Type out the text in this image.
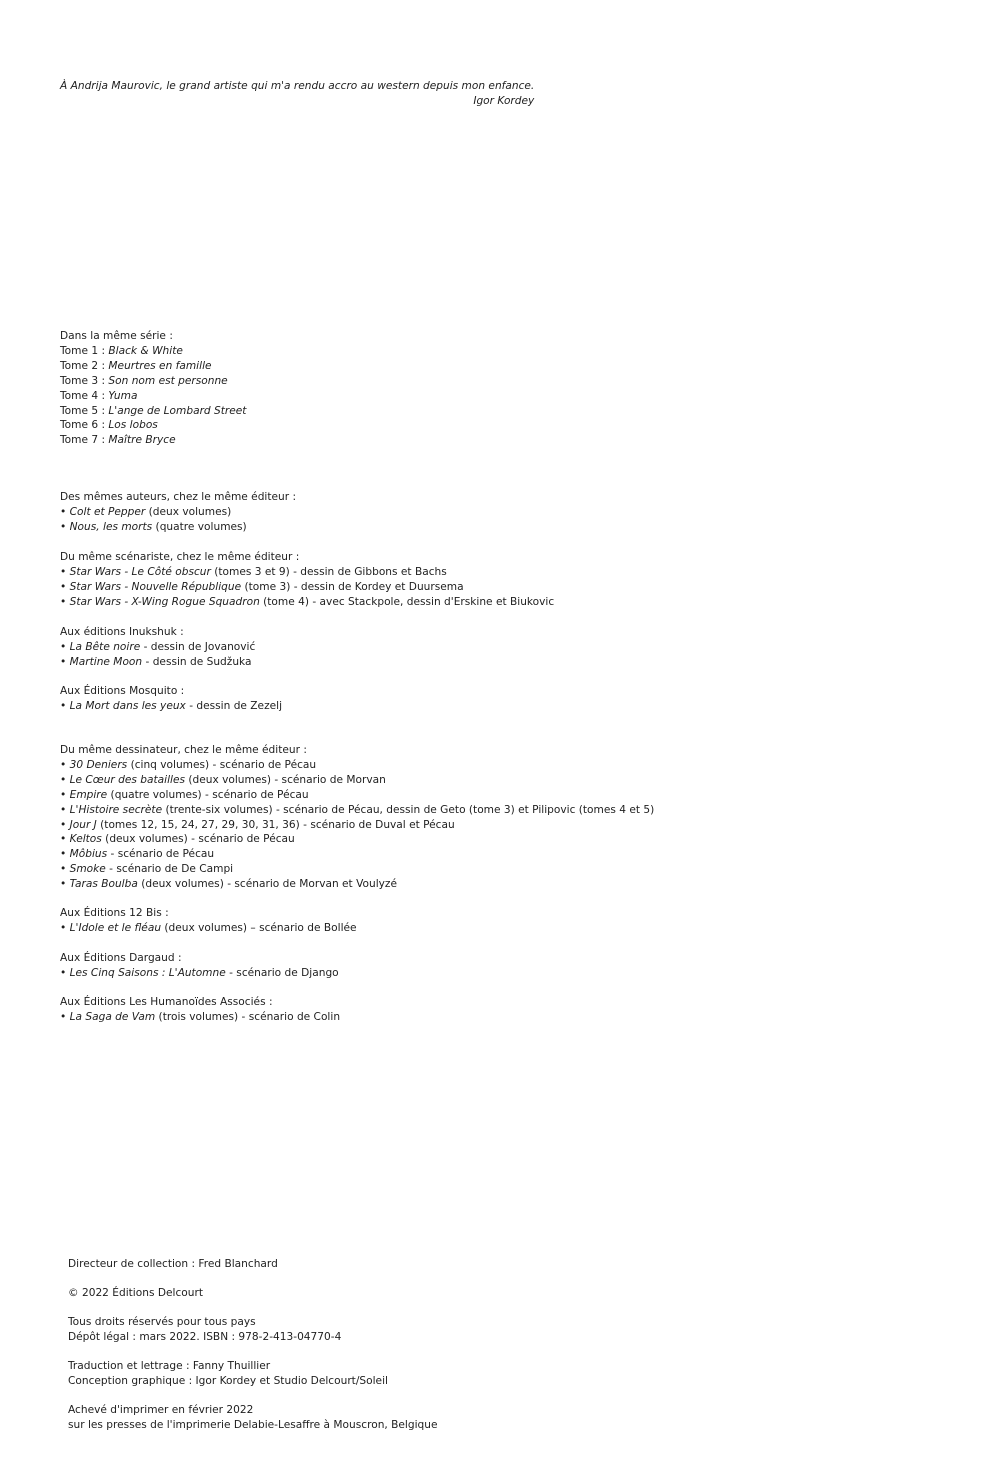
À Andrija Maurovic, le grand artiste qui m'a rendu accro au western depuis mon enfance.
Igor Kordey
Dans la même série :
Tome 1 : Black & White
Tome 2 : Meurtres en famille
Tome 3 : Son nom est personne
Tome 4 : Yuma
Tome 5 : L'ange de Lombard Street
Tome 6 : Los lobos
Tome 7 : Maître Bryce
Des mêmes auteurs, chez le même éditeur :
• Colt et Pepper (deux volumes)
• Nous, les morts (quatre volumes)
Du même scénariste, chez le même éditeur :
• Star Wars - Le Côté obscur (tomes 3 et 9) - dessin de Gibbons et Bachs
• Star Wars - Nouvelle République (tome 3) - dessin de Kordey et Duursema
• Star Wars - X-Wing Rogue Squadron (tome 4) - avec Stackpole, dessin d'Erskine et Biukovic
Aux éditions Inukshuk :
• La Bête noire - dessin de Jovanović
• Martine Moon - dessin de Sudžuka
Aux Éditions Mosquito :
• La Mort dans les yeux - dessin de Zezelj
Du même dessinateur, chez le même éditeur :
• 30 Deniers (cinq volumes) - scénario de Pécau
• Le Cœur des batailles (deux volumes) - scénario de Morvan
• Empire (quatre volumes) - scénario de Pécau
• L'Histoire secrète (trente-six volumes) - scénario de Pécau, dessin de Geto (tome 3) et Pilipovic (tomes 4 et 5)
• Jour J (tomes 12, 15, 24, 27, 29, 30, 31, 36) - scénario de Duval et Pécau
• Keltos (deux volumes) - scénario de Pécau
• Môbius - scénario de Pécau
• Smoke - scénario de De Campi
• Taras Boulba (deux volumes) - scénario de Morvan et Voulyzé
Aux Éditions 12 Bis :
• L'Idole et le fléau (deux volumes) – scénario de Bollée
Aux Éditions Dargaud :
• Les Cinq Saisons : L'Automne - scénario de Django
Aux Éditions Les Humanoïdes Associés :
• La Saga de Vam (trois volumes) - scénario de Colin
Directeur de collection : Fred Blanchard
© 2022 Éditions Delcourt
Tous droits réservés pour tous pays
Dépôt légal : mars 2022. ISBN : 978-2-413-04770-4
Traduction et lettrage : Fanny Thuillier
Conception graphique : Igor Kordey et Studio Delcourt/Soleil
Achevé d'imprimer en février 2022
sur les presses de l'imprimerie Delabie-Lesaffre à Mouscron, Belgique
